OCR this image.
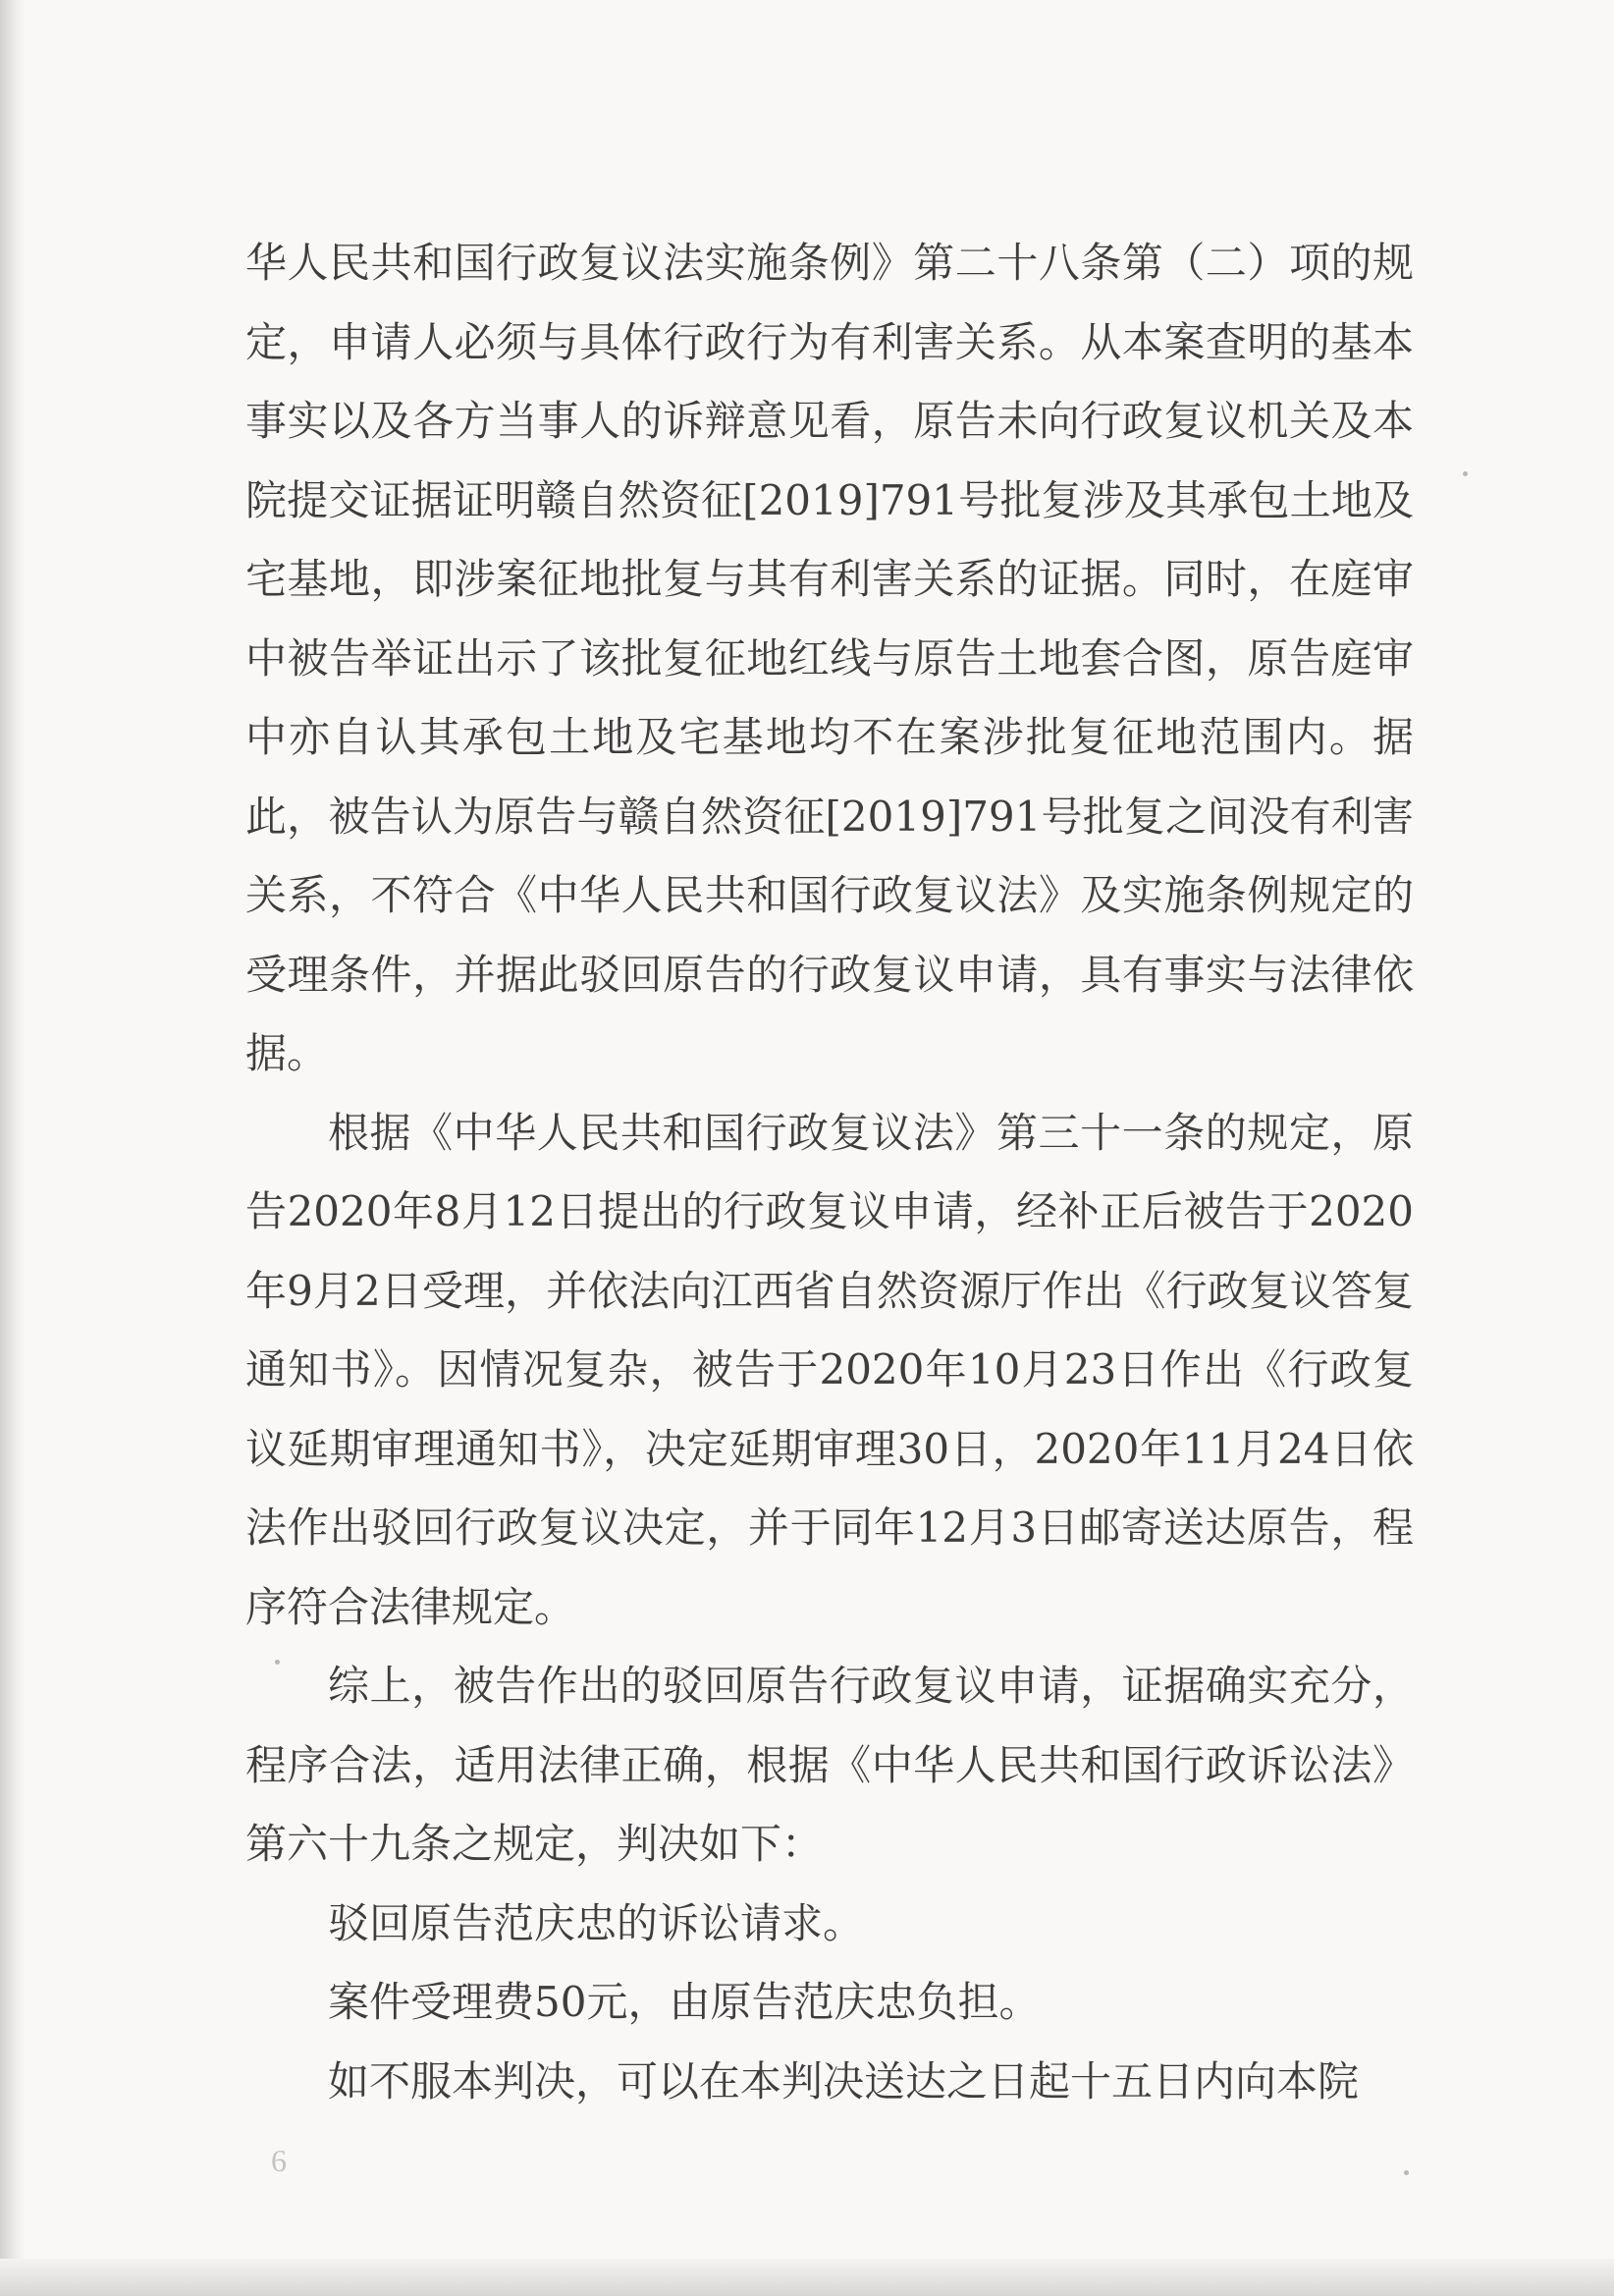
华人民共和国行政复议法实施条例》第二十八条第（二）项的规定，申请人必须与具体行政行为有利害关系。从本案查明的基本事实以及各方当事人的诉辩意见看，原告未向行政复议机关及本院提交证据证明赣自然资征[2019]791号批复涉及其承包土地及宅基地，即涉案征地批复与其有利害关系的证据。同时，在庭审中被告举证出示了该批复征地红线与原告土地套合图，原告庭审中亦自认其承包土地及宅基地均不在案涉批复征地范围内。据此，被告认为原告与赣自然资征[2019]791号批复之间没有利害关系，不符合《中华人民共和国行政复议法》及实施条例规定的受理条件，并据此驳回原告的行政复议申请，具有事实与法律依据。

根据《中华人民共和国行政复议法》第三十一条的规定，原告2020年8月12日提出的行政复议申请，经补正后被告于2020年9月2日受理，并依法向江西省自然资源厅作出《行政复议答复通知书》。因情况复杂，被告于2020年10月23日作出《行政复议延期审理通知书》，决定延期审理30日，2020年11月24日依法作出驳回行政复议决定，并于同年12月3日邮寄送达原告，程序符合法律规定。

综上，被告作出的驳回原告行政复议申请，证据确实充分，程序合法，适用法律正确，根据《中华人民共和国行政诉讼法》第六十九条之规定，判决如下：

驳回原告范庆忠的诉讼请求。

案件受理费50元，由原告范庆忠负担。

如不服本判决，可以在本判决送达之日起十五日内向本院

6
